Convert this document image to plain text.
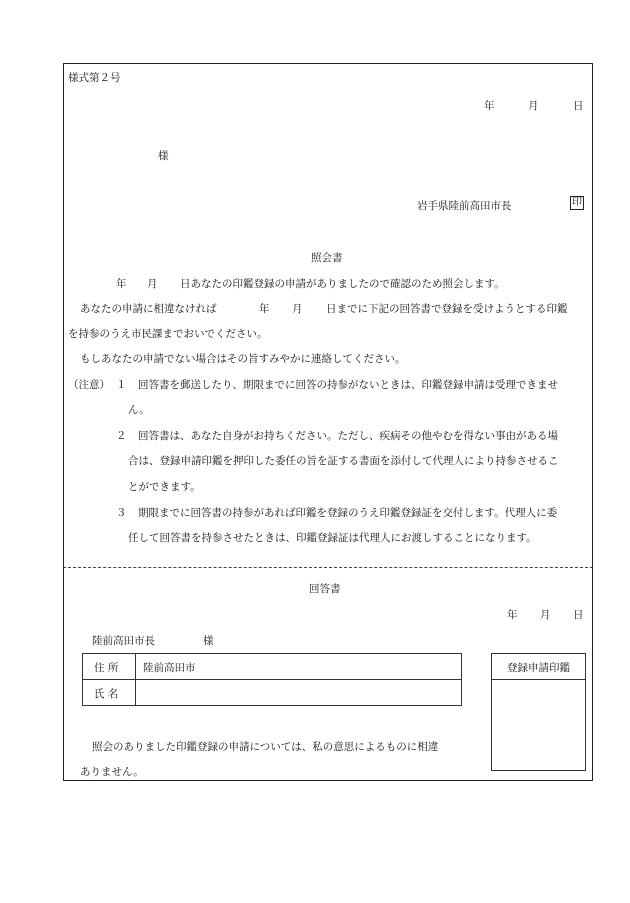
様式第２号
年	月	日
様
岩手県陸前高田市長	印
照会書
年 月 日あなたの印鑑登録の申請がありましたので確認のため照会します。
あなたの申請に相違なければ	年 月 日までに下記の回答書で登録を受けようとする印鑑
を持参のうえ市民課までおいでください。
もしあなたの申請でない場合はその旨すみやかに連絡してください。
（注意） １ 回答書を郵送したり、期限までに回答の持参がないときは、印鑑登録申請は受理できませ
ん。
２ 回答書は、あなた自身がお持ちください。ただし、疾病その他やむを得ない事由がある場
合は、登録申請印鑑を押印した委任の旨を証する書面を添付して代理人により持参させるこ
とができます。
３ 期限までに回答書の持参があれば印鑑を登録のうえ印鑑登録証を交付します。代理人に委
任して回答書を持参させたときは、印鑑登録証は代理人にお渡しすることになります。
回答書
年 月 日
陸前高田市長	様
住 所 陸前高田市
氏 名
登録申請印鑑
照会のありました印鑑登録の申請については、私の意思によるものに相違
ありません。
